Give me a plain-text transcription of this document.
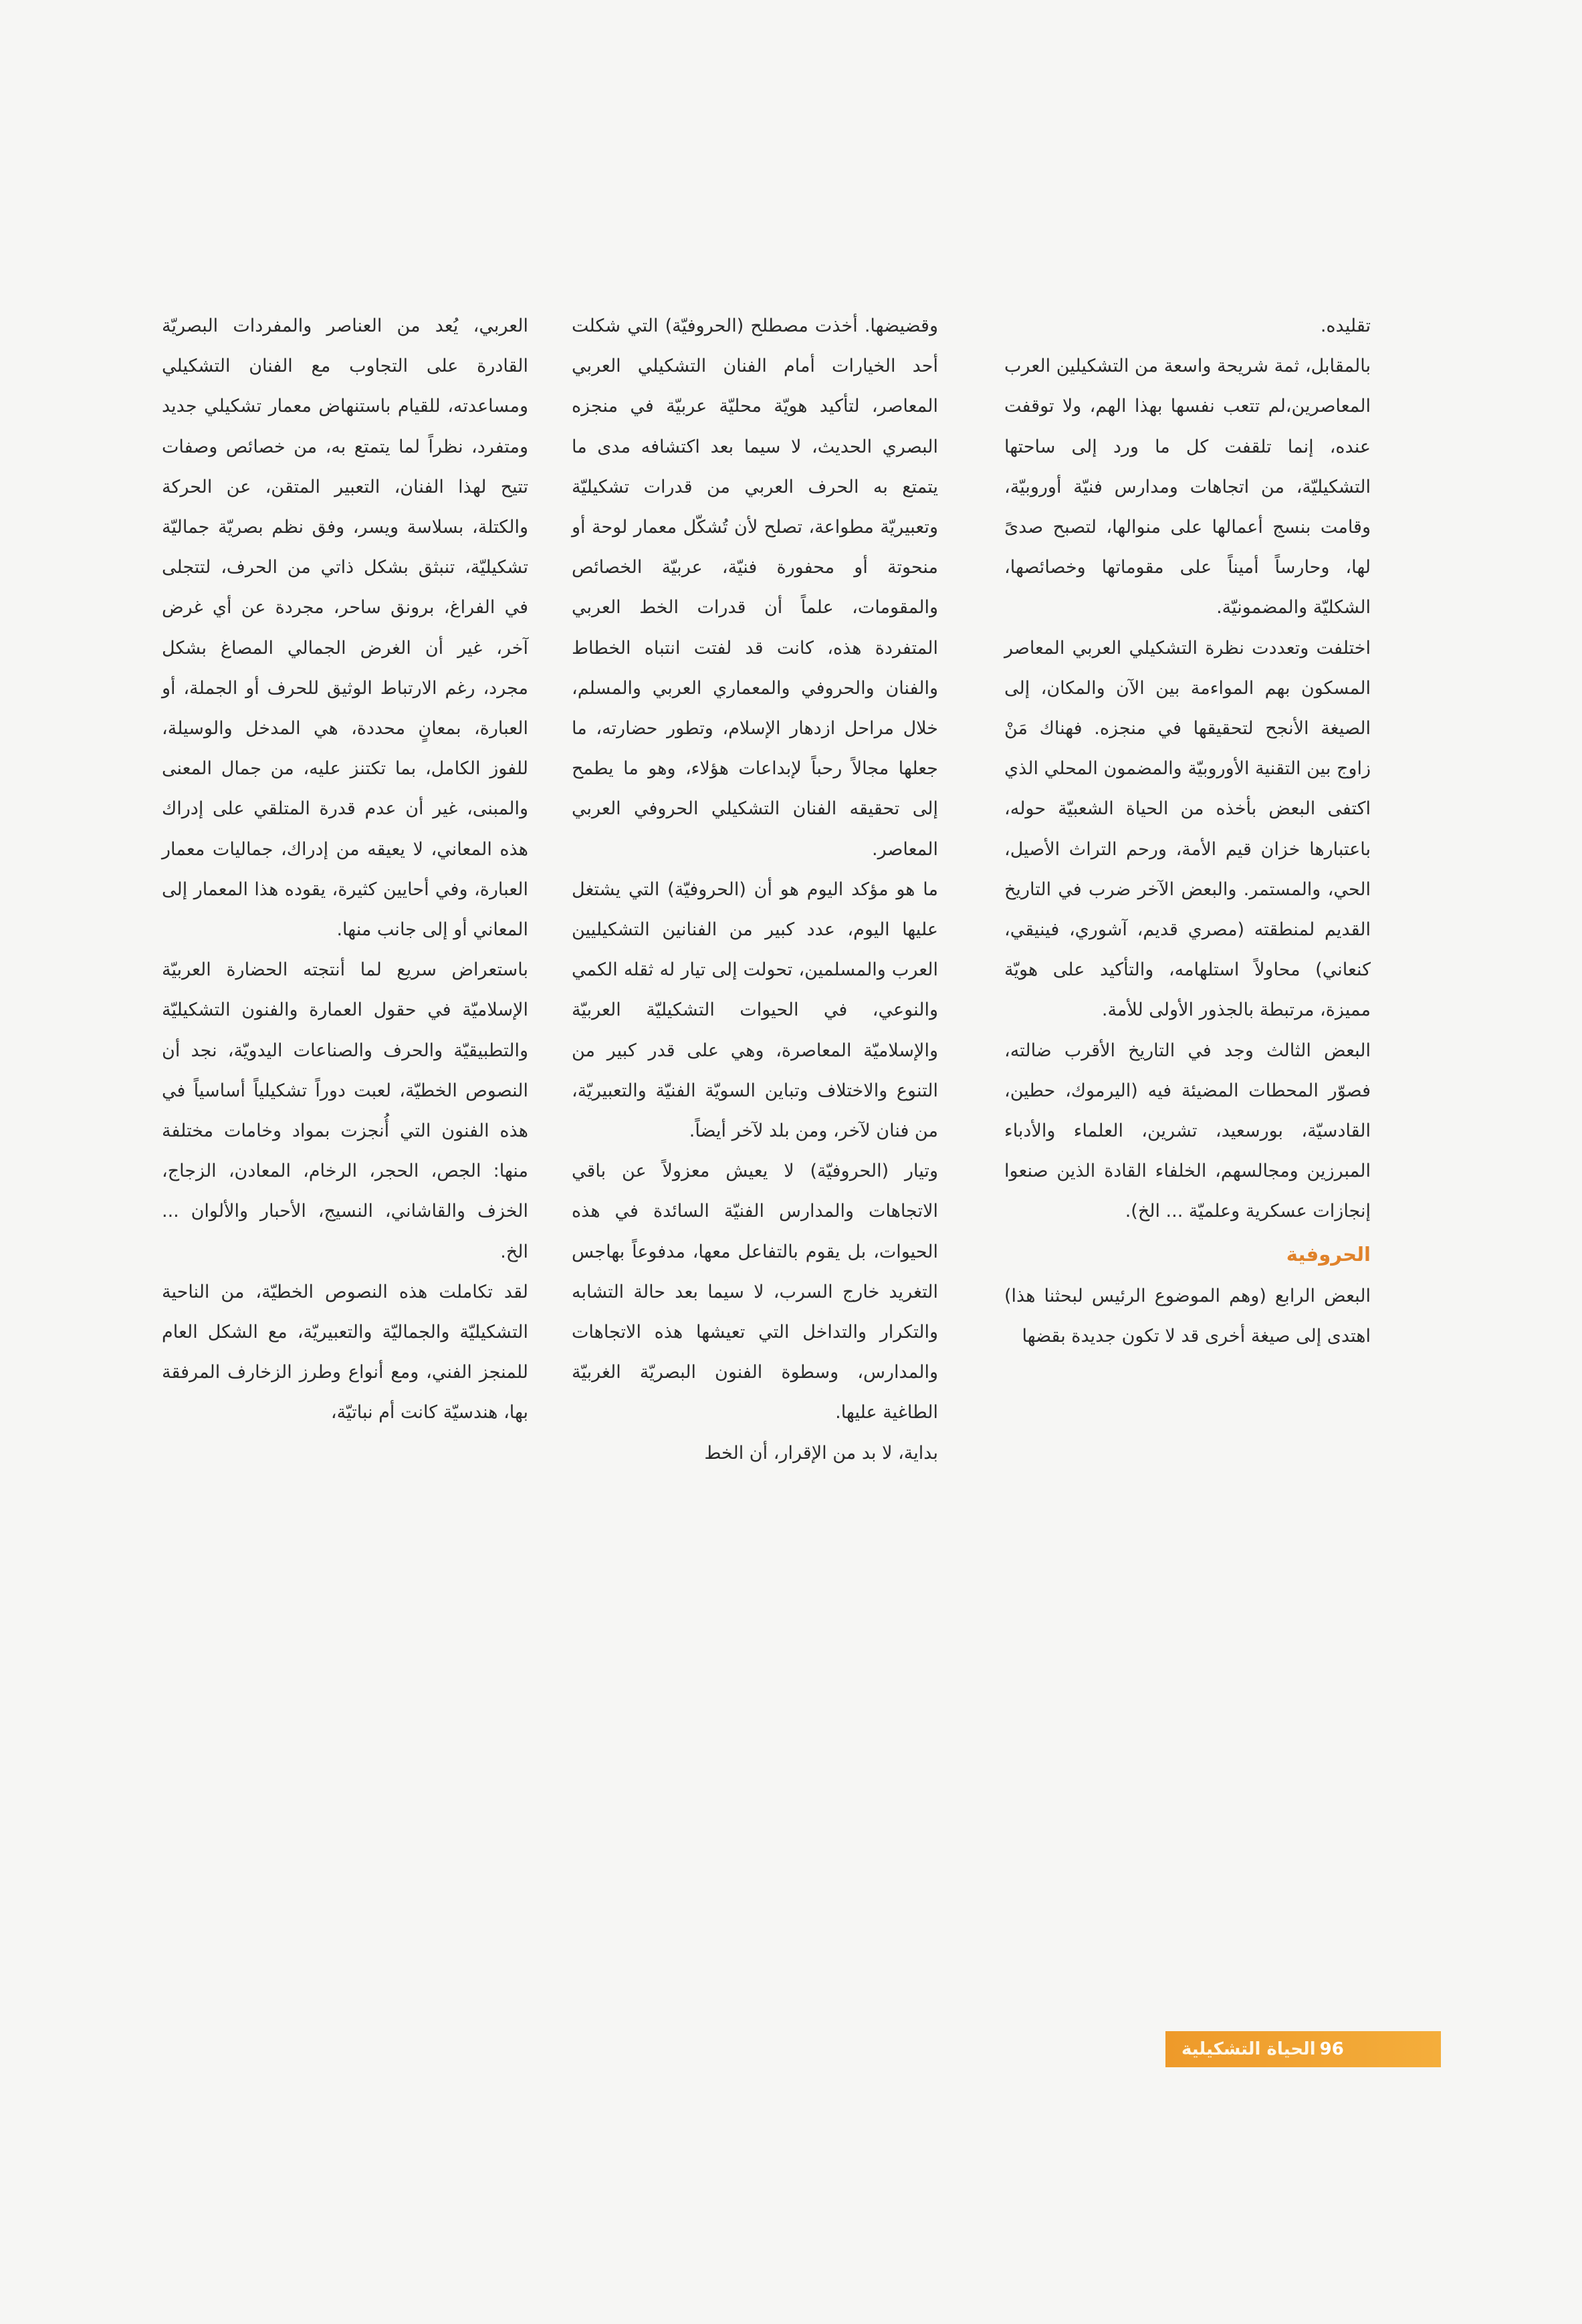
تقليده.

بالمقابل، ثمة شريحة واسعة من التشكيلين العرب المعاصرين،لم تتعب نفسها بهذا الهم، ولا توقفت عنده، إنما تلقفت كل ما ورد إلى ساحتها التشكيليّة، من اتجاهات ومدارس فنيّة أوروبيّة، وقامت بنسج أعمالها على منوالها، لتصبح صدىً لها، وحارساً أميناً على مقوماتها وخصائصها، الشكليّة والمضمونيّة.

اختلفت وتعددت نظرة التشكيلي العربي المعاصر المسكون بهم المواءمة بين الآن والمكان، إلى الصيغة الأنجح لتحقيقها في منجزه. فهناك مَنْ زاوج بين التقنية الأوروبيّة والمضمون المحلي الذي اكتفى البعض بأخذه من الحياة الشعبيّة حوله، باعتبارها خزان قيم الأمة، ورحم التراث الأصيل، الحي، والمستمر. والبعض الآخر ضرب في التاريخ القديم لمنطقته (مصري قديم، آشوري، فينيقي، كنعاني) محاولاً استلهامه، والتأكيد على هويّة مميزة، مرتبطة بالجذور الأولى للأمة.

البعض الثالث وجد في التاريخ الأقرب ضالته، فصوّر المحطات المضيئة فيه (اليرموك، حطين، القادسيّة، بورسعيد، تشرين، العلماء والأدباء المبرزين ومجالسهم، الخلفاء القادة الذين صنعوا إنجازات عسكرية وعلميّة ... الخ).

الحروفية

البعض الرابع (وهم الموضوع الرئيس لبحثنا هذا) اهتدى إلى صيغة أخرى قد لا تكون جديدة بقضها

وقضيضها. أخذت مصطلح (الحروفيّة) التي شكلت أحد الخيارات أمام الفنان التشكيلي العربي المعاصر، لتأكيد هويّة محليّة عربيّة في منجزه البصري الحديث، لا سيما بعد اكتشافه مدى ما يتمتع به الحرف العربي من قدرات تشكيليّة وتعبيريّة مطواعة، تصلح لأن تُشكّل معمار لوحة أو منحوتة أو محفورة فنيّة، عربيّة الخصائص والمقومات، علماً أن قدرات الخط العربي المتفردة هذه، كانت قد لفتت انتباه الخطاط والفنان والحروفي والمعماري العربي والمسلم، خلال مراحل ازدهار الإسلام، وتطور حضارته، ما جعلها مجالاً رحباً لإبداعات هؤلاء، وهو ما يطمح إلى تحقيقه الفنان التشكيلي الحروفي العربي المعاصر.

ما هو مؤكد اليوم هو أن (الحروفيّة) التي يشتغل عليها اليوم، عدد كبير من الفنانين التشكيليين العرب والمسلمين، تحولت إلى تيار له ثقله الكمي والنوعي، في الحيوات التشكيليّة العربيّة والإسلاميّة المعاصرة، وهي على قدر كبير من التنوع والاختلاف وتباين السويّة الفنيّة والتعبيريّة، من فنان لآخر، ومن بلد لآخر أيضاً.

وتيار (الحروفيّة) لا يعيش معزولاً عن باقي الاتجاهات والمدارس الفنيّة السائدة في هذه الحيوات، بل يقوم بالتفاعل معها، مدفوعاً بهاجس التغريد خارج السرب، لا سيما بعد حالة التشابه والتكرار والتداخل التي تعيشها هذه الاتجاهات والمدارس، وسطوة الفنون البصريّة الغربيّة الطاغية عليها.

بداية، لا بد من الإقرار، أن الخط

العربي، يُعد من العناصر والمفردات البصريّة القادرة على التجاوب مع الفنان التشكيلي ومساعدته، للقيام باستنهاض معمار تشكيلي جديد ومتفرد، نظراً لما يتمتع به، من خصائص وصفات تتيح لهذا الفنان، التعبير المتقن، عن الحركة والكتلة، بسلاسة ويسر، وفق نظم بصريّة جماليّة تشكيليّة، تنبثق بشكل ذاتي من الحرف، لتتجلى في الفراغ، برونق ساحر، مجردة عن أي غرض آخر، غير أن الغرض الجمالي المصاغ بشكل مجرد، رغم الارتباط الوثيق للحرف أو الجملة، أو العبارة، بمعانٍ محددة، هي المدخل والوسيلة، للفوز الكامل، بما تكتنز عليه، من جمال المعنى والمبنى، غير أن عدم قدرة المتلقي على إدراك هذه المعاني، لا يعيقه من إدراك، جماليات معمار العبارة، وفي أحايين كثيرة، يقوده هذا المعمار إلى المعاني أو إلى جانب منها.

باستعراض سريع لما أنتجته الحضارة العربيّة الإسلاميّة في حقول العمارة والفنون التشكيليّة والتطبيقيّة والحرف والصناعات اليدويّة، نجد أن النصوص الخطيّة، لعبت دوراً تشكيلياً أساسياً في هذه الفنون التي أُنجزت بمواد وخامات مختلفة منها: الجص، الحجر، الرخام، المعادن، الزجاج، الخزف والقاشاني، النسيج، الأحبار والألوان ... الخ.

لقد تكاملت هذه النصوص الخطيّة، من الناحية التشكيليّة والجماليّة والتعبيريّة، مع الشكل العام للمنجز الفني، ومع أنواع وطرز الزخارف المرفقة بها، هندسيّة كانت أم نباتيّة،

96
الحياة التشكيلية
